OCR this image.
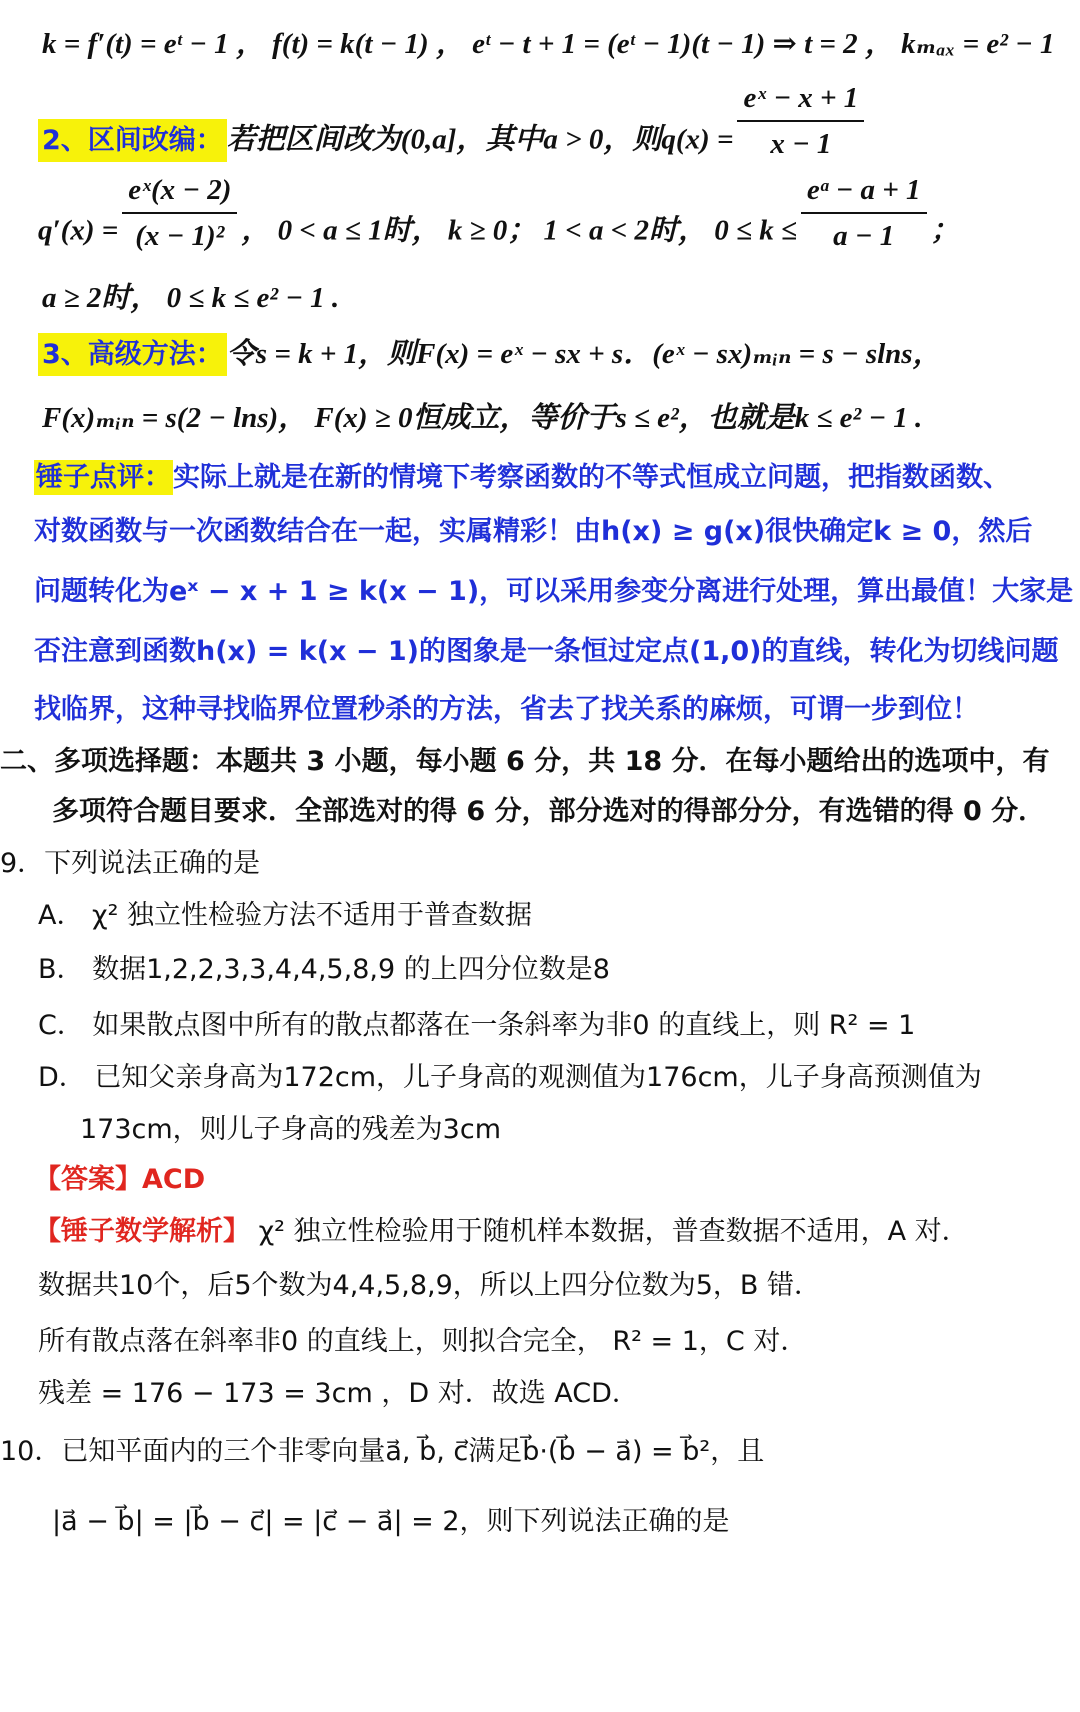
k = f′(t) = eᵗ − 1 ， f(t) = k(t − 1) ， eᵗ − t + 1 = (eᵗ − 1)(t − 1) ⇒ t = 2 ， kₘₐₓ = e² − 1
2、区间改编： 若把区间改为(0,a]，其中a > 0，则$q(x) = \frac{\text{eˣ − x + 1}}{x - 1}$
$q'(x) = \frac{\text{eˣ(x − 2)}}{\text{(x − 1)²}}$ ， 0 < a ≤ 1时， k ≥ 0； 1 < a < 2时， $0 \le k \le \frac{\text{eᵃ − a + 1}}{a - 1}$ ；
a ≥ 2时， 0 ≤ k ≤ e² − 1 .
3、高级方法： 令s = k + 1，则F(x) = eˣ − sx + s．(eˣ − sx)ₘᵢₙ = s − slns，
F(x)ₘᵢₙ = s(2 − lns)， F(x) ≥ 0恒成立，等价于s ≤ e²，也就是k ≤ e² − 1 .
锤子点评：实际上就是在新的情境下考察函数的不等式恒成立问题，把指数函数、
对数函数与一次函数结合在一起，实属精彩！由h(x) ≥ g(x)很快确定k ≥ 0，然后
问题转化为eˣ − x + 1 ≥ k(x − 1)，可以采用参变分离进行处理，算出最值！大家是
否注意到函数h(x) = k(x − 1)的图象是一条恒过定点(1,0)的直线，转化为切线问题
找临界，这种寻找临界位置秒杀的方法，省去了找关系的麻烦，可谓一步到位！
二、多项选择题：本题共 3 小题，每小题 6 分，共 18 分．在每小题给出的选项中，有
多项符合题目要求．全部选对的得 6 分，部分选对的得部分分，有选错的得 0 分．
9．下列说法正确的是
A． χ² 独立性检验方法不适用于普查数据
B． 数据1,2,2,3,3,4,4,5,8,9 的上四分位数是8
C． 如果散点图中所有的散点都落在一条斜率为非0 的直线上，则 R² = 1
D． 已知父亲身高为172cm，儿子身高的观测值为176cm，儿子身高预测值为
173cm，则儿子身高的残差为3cm
【答案】ACD
【锤子数学解析】 χ² 独立性检验用于随机样本数据，普查数据不适用，A 对．
数据共10个，后5个数为4,4,5,8,9，所以上四分位数为5，B 错．
所有散点落在斜率非0 的直线上，则拟合完全， R² = 1，C 对．
残差 = 176 − 173 = 3cm ，D 对．故选 ACD．
10．已知平面内的三个非零向量a⃗, b⃗, c⃗满足b⃗·(b⃗ − a⃗) = b⃗²，且
|a⃗ − b⃗| = |b⃗ − c⃗| = |c⃗ − a⃗| = 2，则下列说法正确的是
